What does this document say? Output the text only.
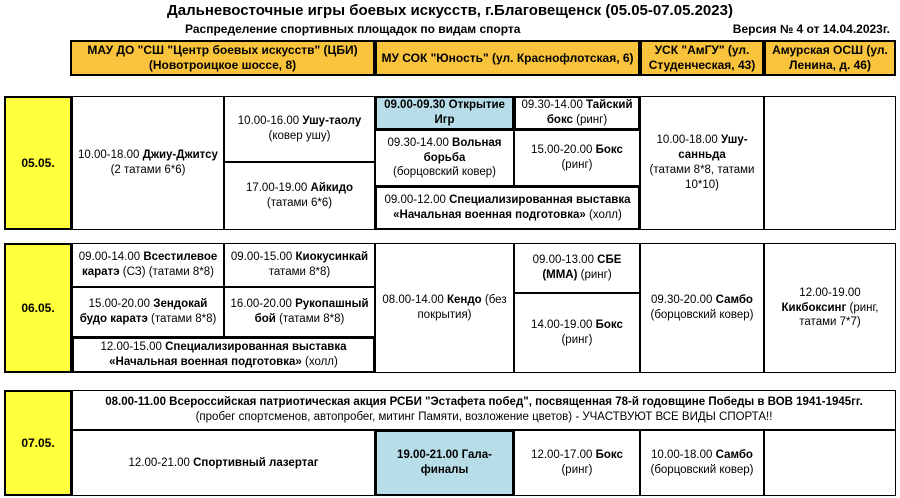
Дальневосточные игры боевых искусств, г.Благовещенск (05.05-07.05.2023)
Распределение спортивных площадок по видам спорта	Версия № 4 от 14.04.2023г.
МАУ ДО "СШ "Центр боевых искусств" (ЦБИ)
(Новотроицкое шоссе, 8)
МУ СОК "Юность" (ул. Краснофлотская, 6)
УСК "АмГУ" (ул.
Студенческая, 43)
Амурская ОСШ (ул.
Ленина, д. 46)
05.05.
10.00-18.00 Джиу-Джитсу
(2 татами 6*6)
10.00-16.00 Ушу-таолу
(ковер ушу)
17.00-19.00 Айкидо
(татами 6*6)
09.00-09.30 Открытие Игр
09.30-14.00 Вольная борьба
(борцовский ковер)
09.30-14.00 Тайский бокс (ринг)
15.00-20.00 Бокс
(ринг)
09.00-12.00 Специализированная выставка
«Начальная военная подготовка» (холл)
10.00-18.00 Ушу-санньда
(татами 8*8, татами 10*10)
06.05.
09.00-14.00 Всестилевое каратэ (СЗ) (татами 8*8)
09.00-15.00 Киокусинкай
татами 8*8)
15.00-20.00 Зендокай будо каратэ (татами 8*8)
16.00-20.00 Рукопашный бой (татами 8*8)
12.00-15.00 Специализированная выставка
«Начальная военная подготовка» (холл)
08.00-14.00 Кендо (без покрытия)
09.00-13.00 СБЕ (ММА) (ринг)
14.00-19.00 Бокс
(ринг)
09.30-20.00 Самбо
(борцовский ковер)
12.00-19.00
Кикбоксинг (ринг, татами 7*7)
07.05.
08.00-11.00 Всероссийская патриотическая акция РСБИ "Эстафета побед", посвященная 78-й годовщине Победы в ВОВ 1941-1945гг.
(пробег спортсменов, автопробег, митинг Памяти, возложение цветов) - УЧАСТВУЮТ ВСЕ ВИДЫ СПОРТА!!
12.00-21.00 Спортивный лазертаг
19.00-21.00 Гала-финалы
12.00-17.00 Бокс
(ринг)
10.00-18.00 Самбо
(борцовский ковер)
